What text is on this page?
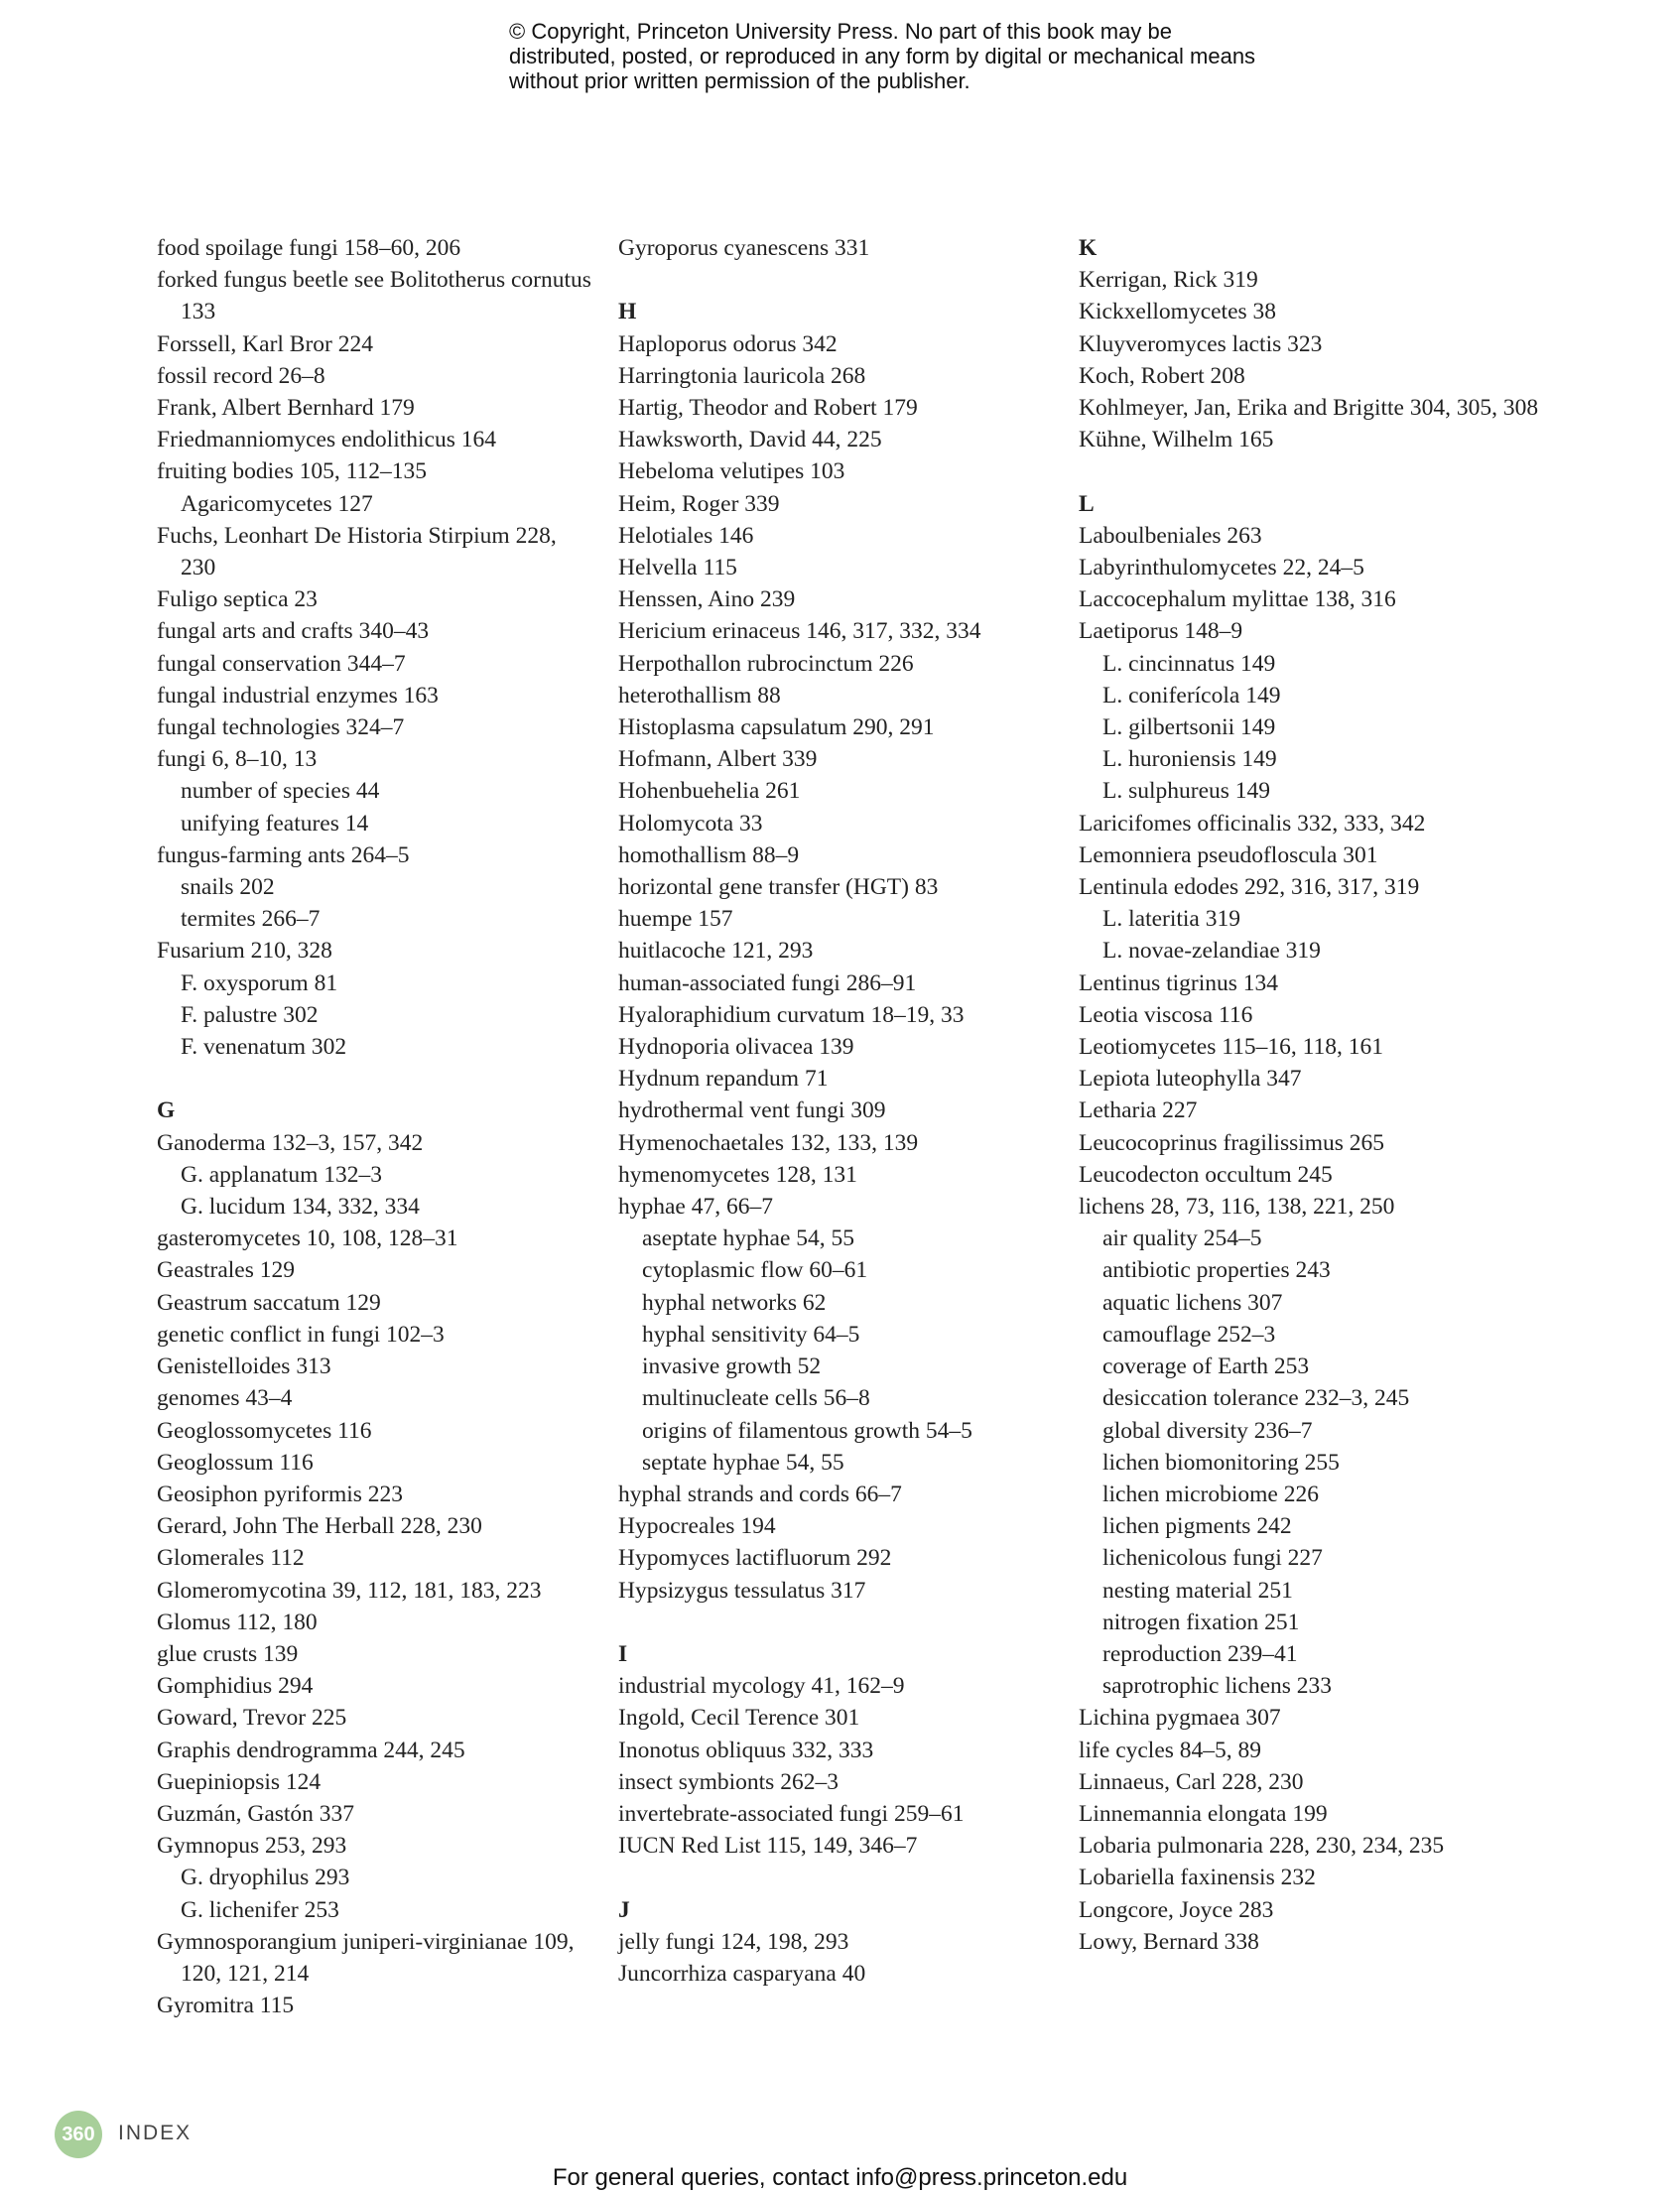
© Copyright, Princeton University Press. No part of this book may be distributed, posted, or reproduced in any form by digital or mechanical means without prior written permission of the publisher.

food spoilage fungi 158–60, 206

forked fungus beetle see Bolitotherus cornutus 133

Forssell, Karl Bror 224

fossil record 26–8

Frank, Albert Bernhard 179

Friedmanniomyces endolithicus 164

fruiting bodies 105, 112–135

Agaricomycetes 127

Fuchs, Leonhart De Historia Stirpium 228, 230

Fuligo septica 23

fungal arts and crafts 340–43

fungal conservation 344–7

fungal industrial enzymes 163

fungal technologies 324–7

fungi 6, 8–10, 13

number of species 44

unifying features 14

fungus-farming ants 264–5

snails 202

termites 266–7

Fusarium 210, 328

F. oxysporum 81

F. palustre 302

F. venenatum 302

G

Ganoderma 132–3, 157, 342

G. applanatum 132–3

G. lucidum 134, 332, 334

gasteromycetes 10, 108, 128–31

Geastrales 129

Geastrum saccatum 129

genetic conflict in fungi 102–3

Genistelloides 313

genomes 43–4

Geoglossomycetes 116

Geoglossum 116

Geosiphon pyriformis 223

Gerard, John The Herball 228, 230

Glomerales 112

Glomeromycotina 39, 112, 181, 183, 223

Glomus 112, 180

glue crusts 139

Gomphidius 294

Goward, Trevor 225

Graphis dendrogramma 244, 245

Guepiniopsis 124

Guzmán, Gastón 337

Gymnopus 253, 293

G. dryophilus 293

G. lichenifer 253

Gymnosporangium juniperi-virginianae 109, 120, 121, 214

Gyromitra 115

Gyroporus cyanescens 331

H

Haploporus odorus 342

Harringtonia lauricola 268

Hartig, Theodor and Robert 179

Hawksworth, David 44, 225

Hebeloma velutipes 103

Heim, Roger 339

Helotiales 146

Helvella 115

Henssen, Aino 239

Hericium erinaceus 146, 317, 332, 334

Herpothallon rubrocinctum 226

heterothallism 88

Histoplasma capsulatum 290, 291

Hofmann, Albert 339

Hohenbuehelia 261

Holomycota 33

homothallism 88–9

horizontal gene transfer (HGT) 83

huempe 157

huitlacoche 121, 293

human-associated fungi 286–91

Hyaloraphidium curvatum 18–19, 33

Hydnoporia olivacea 139

Hydnum repandum 71

hydrothermal vent fungi 309

Hymenochaetales 132, 133, 139

hymenomycetes 128, 131

hyphae 47, 66–7

aseptate hyphae 54, 55

cytoplasmic flow 60–61

hyphal networks 62

hyphal sensitivity 64–5

invasive growth 52

multinucleate cells 56–8

origins of filamentous growth 54–5

septate hyphae 54, 55

hyphal strands and cords 66–7

Hypocreales 194

Hypomyces lactifluorum 292

Hypsizygus tessulatus 317

I

industrial mycology 41, 162–9

Ingold, Cecil Terence 301

Inonotus obliquus 332, 333

insect symbionts 262–3

invertebrate-associated fungi 259–61

IUCN Red List 115, 149, 346–7

J

jelly fungi 124, 198, 293

Juncorrhiza casparyana 40

K

Kerrigan, Rick 319

Kickxellomycetes 38

Kluyveromyces lactis 323

Koch, Robert 208

Kohlmeyer, Jan, Erika and Brigitte 304, 305, 308

Kühne, Wilhelm 165

L

Laboulbeniales 263

Labyrinthulomycetes 22, 24–5

Laccocephalum mylittae 138, 316

Laetiporus 148–9

L. cincinnatus 149

L. coniferícola 149

L. gilbertsonii 149

L. huroniensis 149

L. sulphureus 149

Laricifomes officinalis 332, 333, 342

Lemonniera pseudofloscula 301

Lentinula edodes 292, 316, 317, 319

L. lateritia 319

L. novae-zelandiae 319

Lentinus tigrinus 134

Leotia viscosa 116

Leotiomycetes 115–16, 118, 161

Lepiota luteophylla 347

Letharia 227

Leucocoprinus fragilissimus 265

Leucodecton occultum 245

lichens 28, 73, 116, 138, 221, 250

air quality 254–5

antibiotic properties 243

aquatic lichens 307

camouflage 252–3

coverage of Earth 253

desiccation tolerance 232–3, 245

global diversity 236–7

lichen biomonitoring 255

lichen microbiome 226

lichen pigments 242

lichenicolous fungi 227

nesting material 251

nitrogen fixation 251

reproduction 239–41

saprotrophic lichens 233

Lichina pygmaea 307

life cycles 84–5, 89

Linnaeus, Carl 228, 230

Linnemannia elongata 199

Lobaria pulmonaria 228, 230, 234, 235

Lobariella faxinensis 232

Longcore, Joyce 283

Lowy, Bernard 338

360	INDEX

For general queries, contact info@press.princeton.edu
